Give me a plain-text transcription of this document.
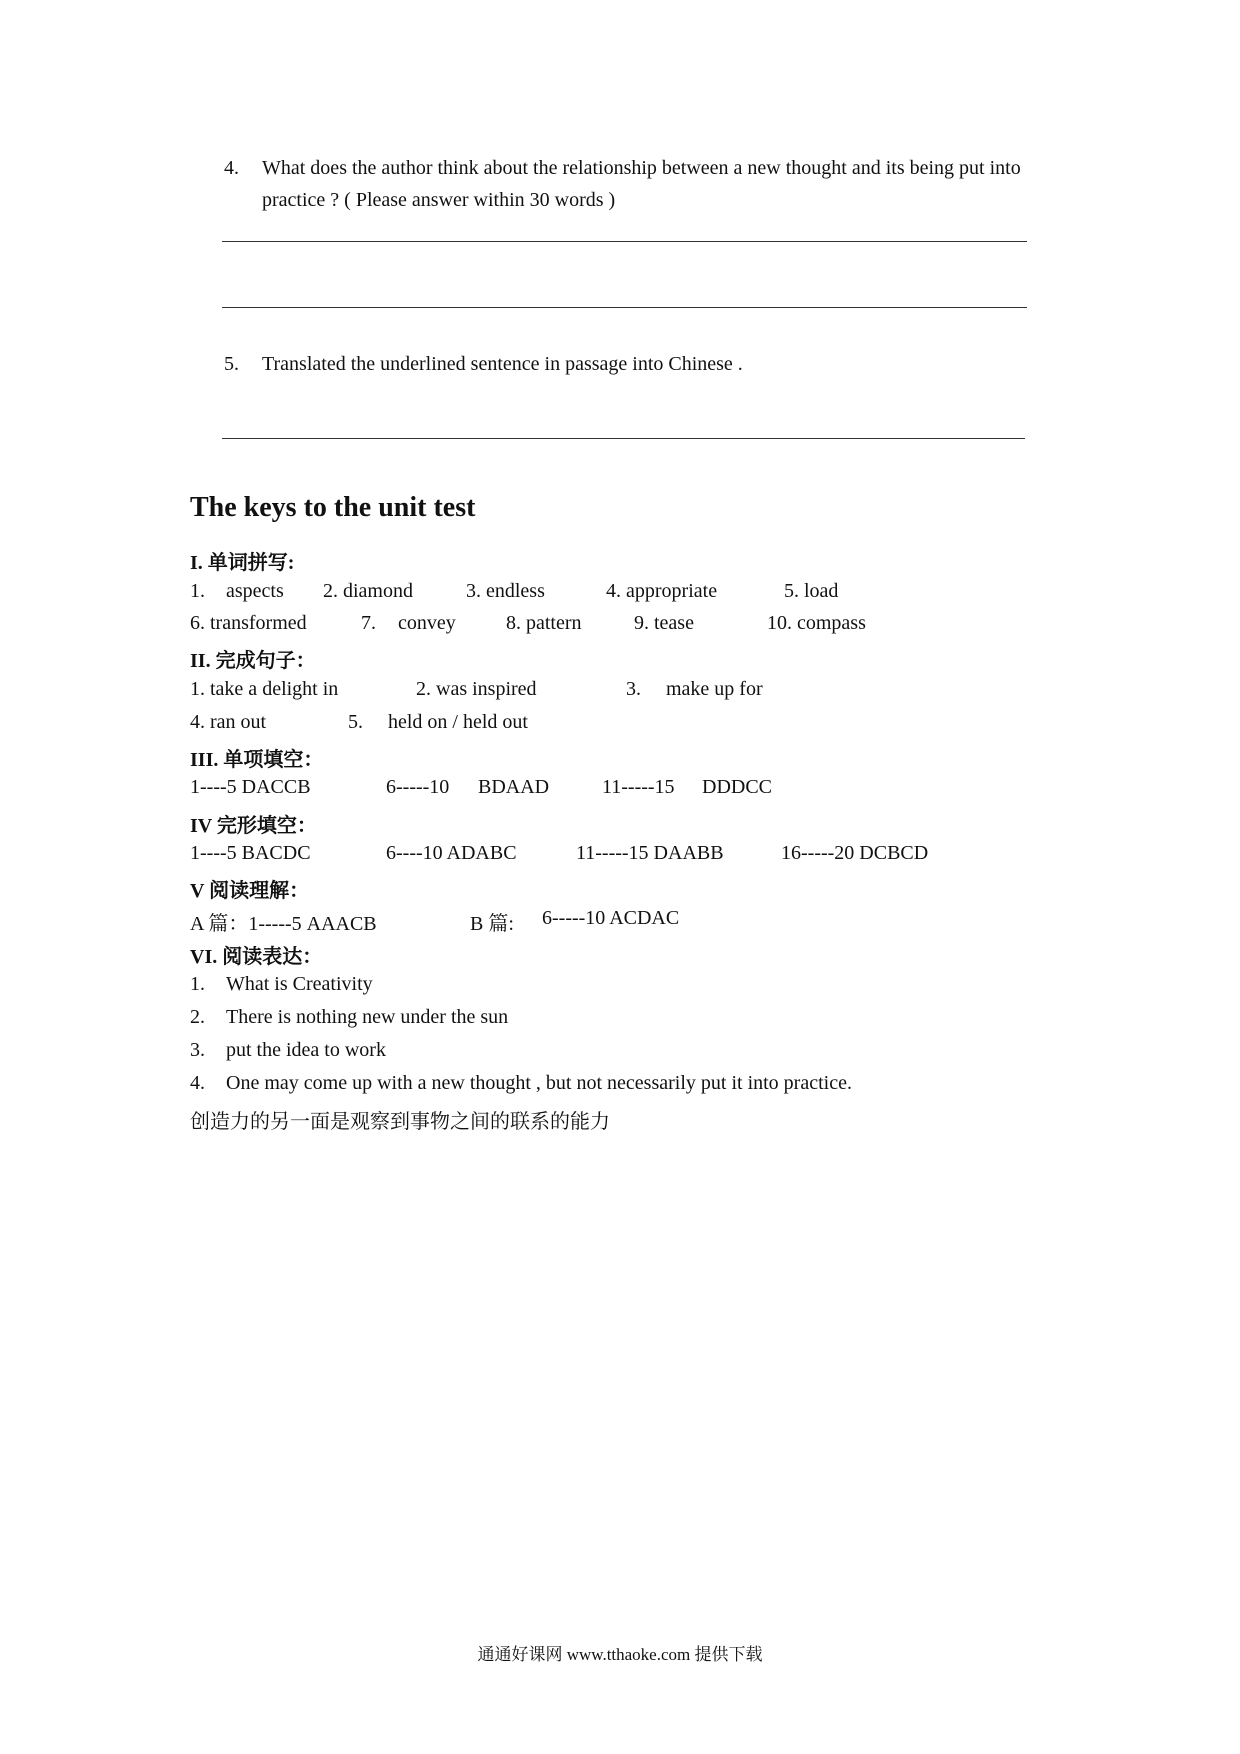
4. What does the author think about the relationship between a new thought and its being put into practice ? ( Please answer within 30 words )
5. Translated the underlined sentence in passage into Chinese .
The keys to the unit test
I. 单词拼写:
1. aspects 2. diamond	3. endless	4. appropriate	5. load
6. transformed	7. convey	8. pattern	9. tease	10. compass
II. 完成句子：
1. take a delight in	2. was inspired	3. make up for
4. ran out	5. held on / held out
III. 单项填空：
1----5 DACCB	6-----10 BDAAD	11-----15 DDDCC
IV 完形填空：
1----5 BACDC	6----10 ADABC	11-----15 DAABB	16-----20 DCBCD
V 阅读理解：
A 篇：1-----5 AAACB	B 篇: 6-----10 ACDAC
VI. 阅读表达：
1. What is Creativity
2. There is nothing new under the sun
3. put the idea to work
4. One may come up with a new thought , but not necessarily put it into practice.
创造力的另一面是观察到事物之间的联系的能力
通通好课网 www.tthaoke.com 提供下载
